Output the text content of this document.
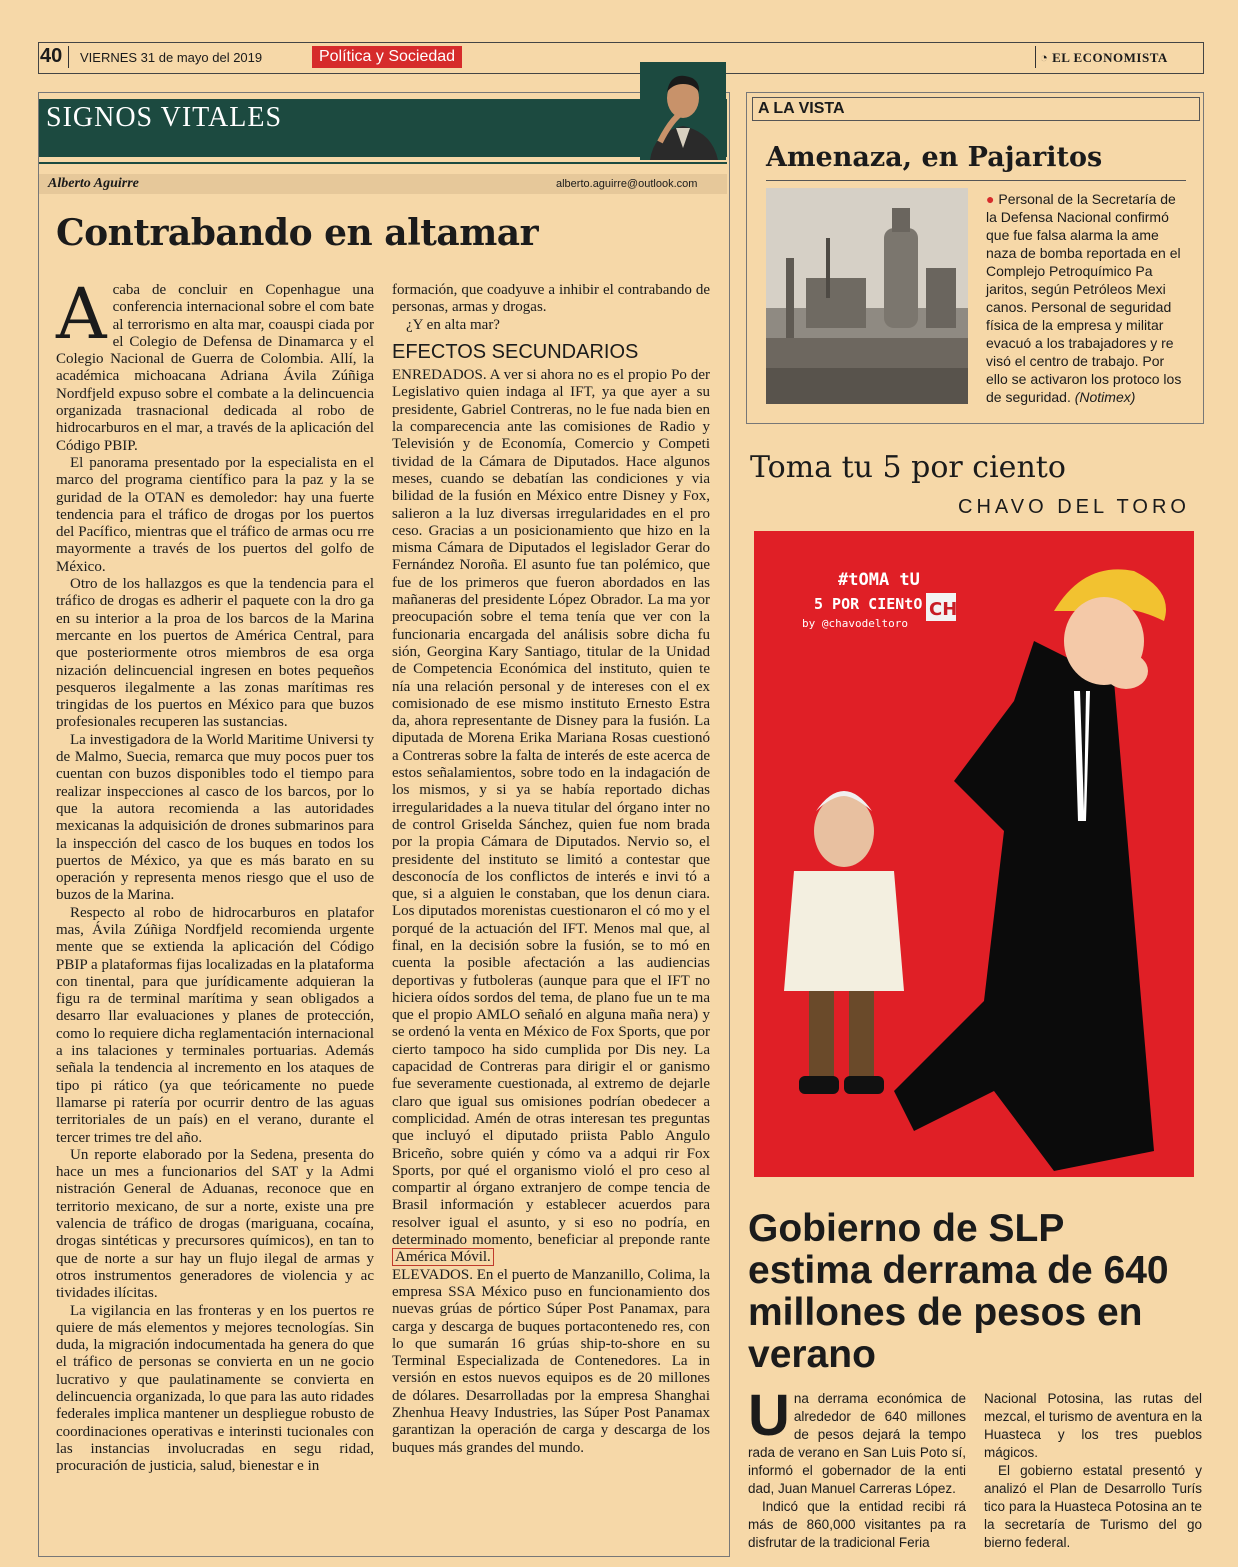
40 VIERNES 31 de mayo del 2019	Política y Sociedad	◔ EL ECONOMISTA
SIGNOS VITALES
Alberto Aguirre	alberto.aguirre@outlook.com
Contrabando en altamar

Acaba de concluir en Copenhague una conferencia internacional sobre el com bate al terrorismo en alta mar, coauspi ciada por el Colegio de Defensa de Dinamarca y el Colegio Nacional de Guerra de Colombia. Allí, la académica michoacana Adriana Ávila Zúñiga Nordfjeld expuso sobre el combate a la delincuencia organizada trasnacional dedicada al robo de hidrocarburos en el mar, a través de la aplicación del Código PBIP.

El panorama presentado por la especialista en el marco del programa científico para la paz y la se guridad de la OTAN es demoledor: hay una fuerte tendencia para el tráfico de drogas por los puertos del Pacífico, mientras que el tráfico de armas ocu rre mayormente a través de los puertos del golfo de México.

Otro de los hallazgos es que la tendencia para el tráfico de drogas es adherir el paquete con la dro ga en su interior a la proa de los barcos de la Marina mercante en los puertos de América Central, para que posteriormente otros miembros de esa orga nización delincuencial ingresen en botes pequeños pesqueros ilegalmente a las zonas marítimas res tringidas de los puertos en México para que buzos profesionales recuperen las sustancias.

La investigadora de la World Maritime Universi ty de Malmo, Suecia, remarca que muy pocos puer tos cuentan con buzos disponibles todo el tiempo para realizar inspecciones al casco de los barcos, por lo que la autora recomienda a las autoridades mexicanas la adquisición de drones submarinos para la inspección del casco de los buques en todos los puertos de México, ya que es más barato en su operación y representa menos riesgo que el uso de buzos de la Marina.

Respecto al robo de hidrocarburos en platafor mas, Ávila Zúñiga Nordfjeld recomienda urgente mente que se extienda la aplicación del Código PBIP a plataformas fijas localizadas en la plataforma con tinental, para que jurídicamente adquieran la figu ra de terminal marítima y sean obligados a desarro llar evaluaciones y planes de protección, como lo requiere dicha reglamentación internacional a ins talaciones y terminales portuarias. Además señala la tendencia al incremento en los ataques de tipo pi rático (ya que teóricamente no puede llamarse pi ratería por ocurrir dentro de las aguas territoriales de un país) en el verano, durante el tercer trimes tre del año.

Un reporte elaborado por la Sedena, presenta do hace un mes a funcionarios del SAT y la Admi nistración General de Aduanas, reconoce que en territorio mexicano, de sur a norte, existe una pre valencia de tráfico de drogas (mariguana, cocaína, drogas sintéticas y precursores químicos), en tan to que de norte a sur hay un flujo ilegal de armas y otros instrumentos generadores de violencia y ac tividades ilícitas.

La vigilancia en las fronteras y en los puertos re quiere de más elementos y mejores tecnologías. Sin duda, la migración indocumentada ha genera do que el tráfico de personas se convierta en un ne gocio lucrativo y que paulatinamente se convierta en delincuencia organizada, lo que para las auto ridades federales implica mantener un despliegue robusto de coordinaciones operativas e interinsti tucionales con las instancias involucradas en segu ridad, procuración de justicia, salud, bienestar e in

formación, que coadyuve a inhibir el contrabando de personas, armas y drogas.

¿Y en alta mar?

EFECTOS SECUNDARIOS

ENREDADOS. A ver si ahora no es el propio Po der Legislativo quien indaga al IFT, ya que ayer a su presidente, Gabriel Contreras, no le fue nada bien en la comparecencia ante las comisiones de Radio y Televisión y de Economía, Comercio y Competi tividad de la Cámara de Diputados. Hace algunos meses, cuando se debatían las condiciones y via bilidad de la fusión en México entre Disney y Fox, salieron a la luz diversas irregularidades en el pro ceso. Gracias a un posicionamiento que hizo en la misma Cámara de Diputados el legislador Gerar do Fernández Noroña. El asunto fue tan polémico, que fue de los primeros que fueron abordados en las mañaneras del presidente López Obrador. La ma yor preocupación sobre el tema tenía que ver con la funcionaria encargada del análisis sobre dicha fu sión, Georgina Kary Santiago, titular de la Unidad de Competencia Económica del instituto, quien te nía una relación personal y de intereses con el ex comisionado de ese mismo instituto Ernesto Estra da, ahora representante de Disney para la fusión. La diputada de Morena Erika Mariana Rosas cuestionó a Contreras sobre la falta de interés de este acerca de estos señalamientos, sobre todo en la indagación de los mismos, y si ya se había reportado dichas irregularidades a la nueva titular del órgano inter no de control Griselda Sánchez, quien fue nom brada por la propia Cámara de Diputados. Nervio so, el presidente del instituto se limitó a contestar que desconocía de los conflictos de interés e invi tó a que, si a alguien le constaban, que los denun ciara. Los diputados morenistas cuestionaron el có mo y el porqué de la actuación del IFT. Menos mal que, al final, en la decisión sobre la fusión, se to mó en cuenta la posible afectación a las audiencias deportivas y futboleras (aunque para que el IFT no hiciera oídos sordos del tema, de plano fue un te ma que el propio AMLO señaló en alguna maña nera) y se ordenó la venta en México de Fox Sports, que por cierto tampoco ha sido cumplida por Dis ney. La capacidad de Contreras para dirigir el or ganismo fue severamente cuestionada, al extremo de dejarle claro que igual sus omisiones podrían obedecer a complicidad. Amén de otras interesan tes preguntas que incluyó el diputado priista Pablo Angulo Briceño, sobre quién y cómo va a adqui rir Fox Sports, por qué el organismo violó el pro ceso al compartir al órgano extranjero de compe tencia de Brasil información y establecer acuerdos para resolver igual el asunto, y si eso no podría, en determinado momento, beneficiar al preponde rante América Móvil.

ELEVADOS. En el puerto de Manzanillo, Colima, la empresa SSA México puso en funcionamiento dos nuevas grúas de pórtico Súper Post Panamax, para carga y descarga de buques portacontenedo res, con lo que sumarán 16 grúas ship-to-shore en su Terminal Especializada de Contenedores. La in versión en estos nuevos equipos es de 20 millones de dólares. Desarrolladas por la empresa Shanghai Zhenhua Heavy Industries, las Súper Post Panamax garantizan la operación de carga y descarga de los buques más grandes del mundo.

A LA VISTA
Amenaza, en Pajaritos
● Personal de la Secretaría de la Defensa Nacional confirmó que fue falsa alarma la ame naza de bomba reportada en el Complejo Petroquímico Pa jaritos, según Petróleos Mexi canos. Personal de seguridad física de la empresa y militar evacuó a los trabajadores y re visó el centro de trabajo. Por ello se activaron los protoco los de seguridad. (Notimex)
Toma tu 5 por ciento
CHAVO DEL TORO
#tOMA tU
5 POR CIENtO CH
by @chavodeltoro
Gobierno de SLP estima derrama de 640 millones de pesos en verano

Una derrama económica de alrededor de 640 millones de pesos dejará la tempo rada de verano en San Luis Poto sí, informó el gobernador de la enti dad, Juan Manuel Carreras López.

Indicó que la entidad recibi rá más de 860,000 visitantes pa ra disfrutar de la tradicional Feria

Nacional Potosina, las rutas del mezcal, el turismo de aventura en la Huasteca y los tres pueblos mágicos.

El gobierno estatal presentó y analizó el Plan de Desarrollo Turís tico para la Huasteca Potosina an te la secretaría de Turismo del go bierno federal.
